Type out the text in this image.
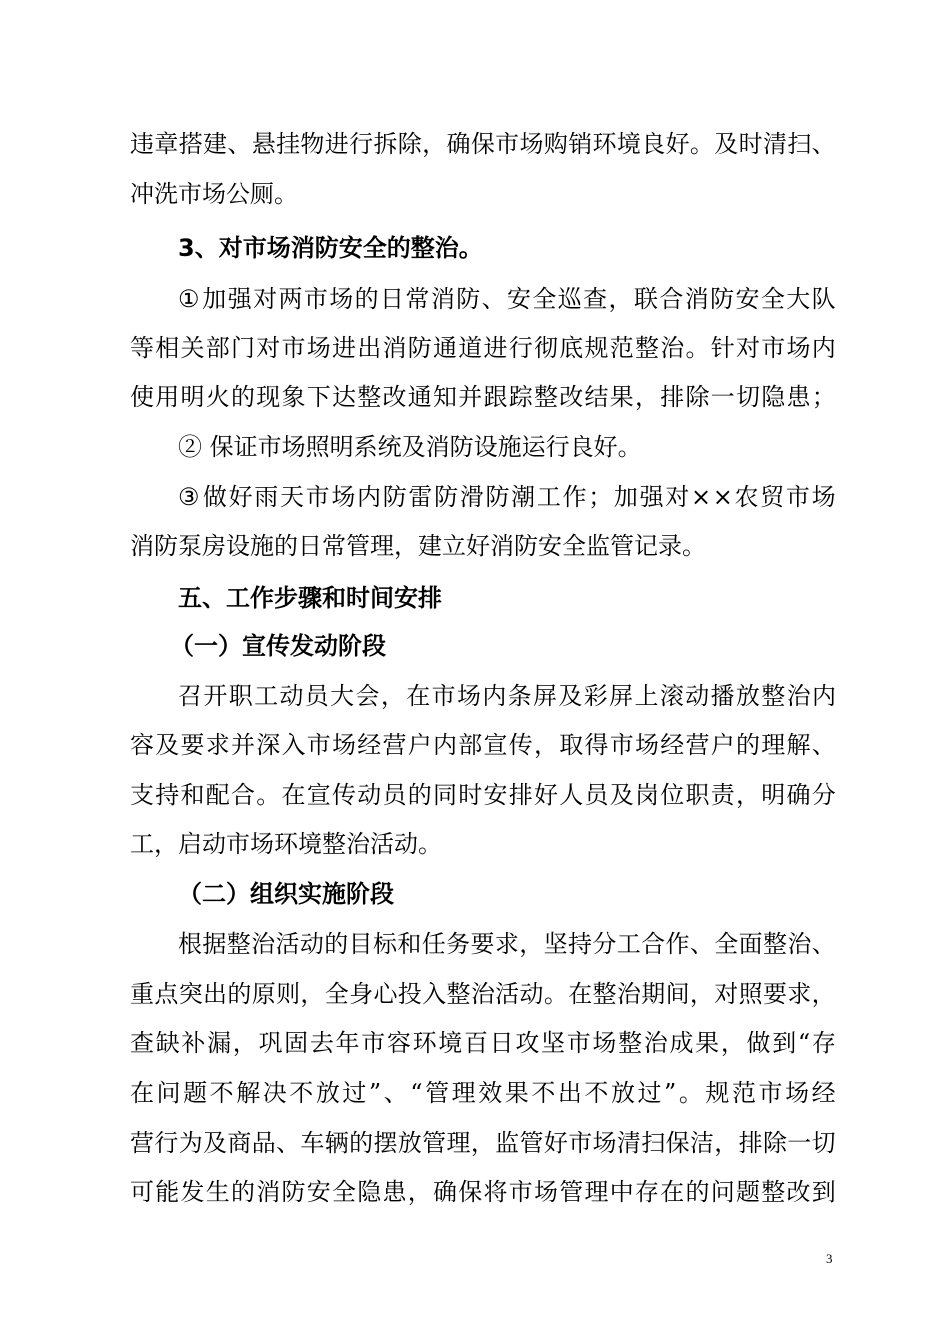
违 章 搭 建 、 悬 挂 物 进 行 拆 除 ， 确 保 市 场 购 销 环 境 良 好 。 及 时 清 扫 、
冲洗市场公厕。
3、对市场消防安全的整治。
① 加 强 对 两 市 场 的 日 常 消 防 、 安 全 巡 查 ， 联 合 消 防 安 全 大 队
等 相 关 部 门 对 市 场 进 出 消 防 通 道 进 行 彻 底 规 范 整 治 。 针 对 市 场 内
使 用 明 火 的 现 象 下 达 整 改 通 知 并 跟 踪 整 改 结 果 ， 排 除 一 切 隐 患 ；
② 保证市场照明系统及消防设施运行良好。
③ 做 好 雨 天 市 场 内 防 雷 防 滑 防 潮 工 作 ； 加 强 对 × × 农 贸 市 场
消防泵房设施的日常管理，建立好消防安全监管记录。
五、工作步骤和时间安排
（一）宣传发动阶段
召 开 职 工 动 员 大 会 ， 在 市 场 内 条 屏 及 彩 屏 上 滚 动 播 放 整 治 内
容 及 要 求 并 深 入 市 场 经 营 户 内 部 宣 传 ， 取 得 市 场 经 营 户 的 理 解 、
支 持 和 配 合 。 在 宣 传 动 员 的 同 时 安 排 好 人 员 及 岗 位 职 责 ， 明 确 分
工，启动市场环境整治活动。
（二）组织实施阶段
根 据 整 治 活 动 的 目 标 和 任 务 要 求 ， 坚 持 分 工 合 作 、 全 面 整 治 、
重 点 突 出 的 原 则 ， 全 身 心 投 入 整 治 活 动 。 在 整 治 期 间 ， 对 照 要 求 ，
查 缺 补 漏 ， 巩 固 去 年 市 容 环 境 百 日 攻 坚 市 场 整 治 成 果 ， 做 到 “ 存
在 问 题 不 解 决 不 放 过 ” 、 “ 管 理 效 果 不 出 不 放 过 ” 。 规 范 市 场 经
营 行 为 及 商 品 、 车 辆 的 摆 放 管 理 ， 监 管 好 市 场 清 扫 保 洁 ， 排 除 一 切
可 能 发 生 的 消 防 安 全 隐 患 ， 确 保 将 市 场 管 理 中 存 在 的 问 题 整 改 到
3
